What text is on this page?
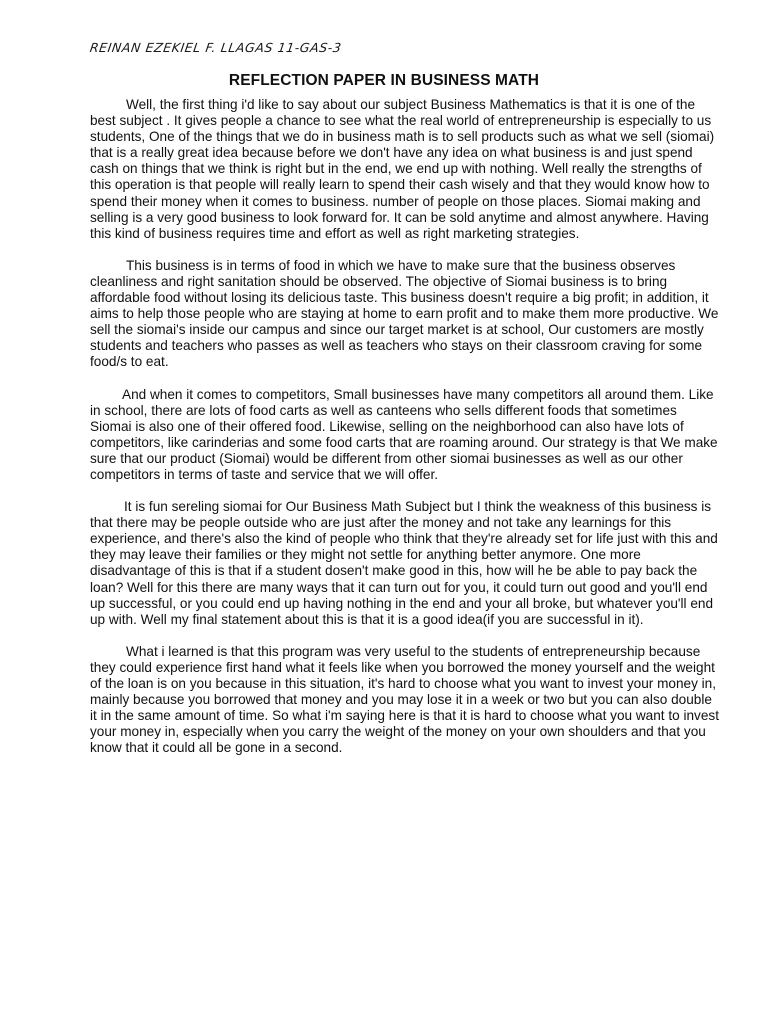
REINAN EZEKIEL F. LLAGAS 11-GAS-3
REFLECTION PAPER IN BUSINESS MATH

Well, the first thing i'd like to say about our subject Business Mathematics is that it is one of the best subject . It gives people a chance to see what the real world of entrepreneurship is especially to us students, One of the things that we do in business math is to sell products such as what we sell (siomai) that is a really great idea because before we don't have any idea on what business is and just spend cash on things that we think is right but in the end, we end up with nothing. Well really the strengths of this operation is that people will really learn to spend their cash wisely and that they would know how to spend their money when it comes to business. number of people on those places. Siomai making and selling is a very good business to look forward for. It can be sold anytime and almost anywhere. Having this kind of business requires time and effort as well as right marketing strategies.

This business is in terms of food in which we have to make sure that the business observes cleanliness and right sanitation should be observed. The objective of Siomai business is to bring affordable food without losing its delicious taste. This business doesn't require a big profit; in addition, it aims to help those people who are staying at home to earn profit and to make them more productive. We sell the siomai's inside our campus and since our target market is at school, Our customers are mostly students and teachers who passes as well as teachers who stays on their classroom craving for some food/s to eat.

And when it comes to competitors, Small businesses have many competitors all around them. Like in school, there are lots of food carts as well as canteens who sells different foods that sometimes Siomai is also one of their offered food. Likewise, selling on the neighborhood can also have lots of competitors, like carinderias and some food carts that are roaming around. Our strategy is that We make sure that our product (Siomai) would be different from other siomai businesses as well as our other competitors in terms of taste and service that we will offer.

It is fun sereling siomai for Our Business Math Subject but I think the weakness of this business is that there may be people outside who are just after the money and not take any learnings for this experience, and there's also the kind of people who think that they're already set for life just with this and they may leave their families or they might not settle for anything better anymore. One more disadvantage of this is that if a student dosen't make good in this, how will he be able to pay back the loan? Well for this there are many ways that it can turn out for you, it could turn out good and you'll end up successful, or you could end up having nothing in the end and your all broke, but whatever you'll end up with. Well my final statement about this is that it is a good idea(if you are successful in it).

What i learned is that this program was very useful to the students of entrepreneurship because they could experience first hand what it feels like when you borrowed the money yourself and the weight of the loan is on you because in this situation, it's hard to choose what you want to invest your money in, mainly because you borrowed that money and you may lose it in a week or two but you can also double it in the same amount of time. So what i'm saying here is that it is hard to choose what you want to invest your money in, especially when you carry the weight of the money on your own shoulders and that you know that it could all be gone in a second.
